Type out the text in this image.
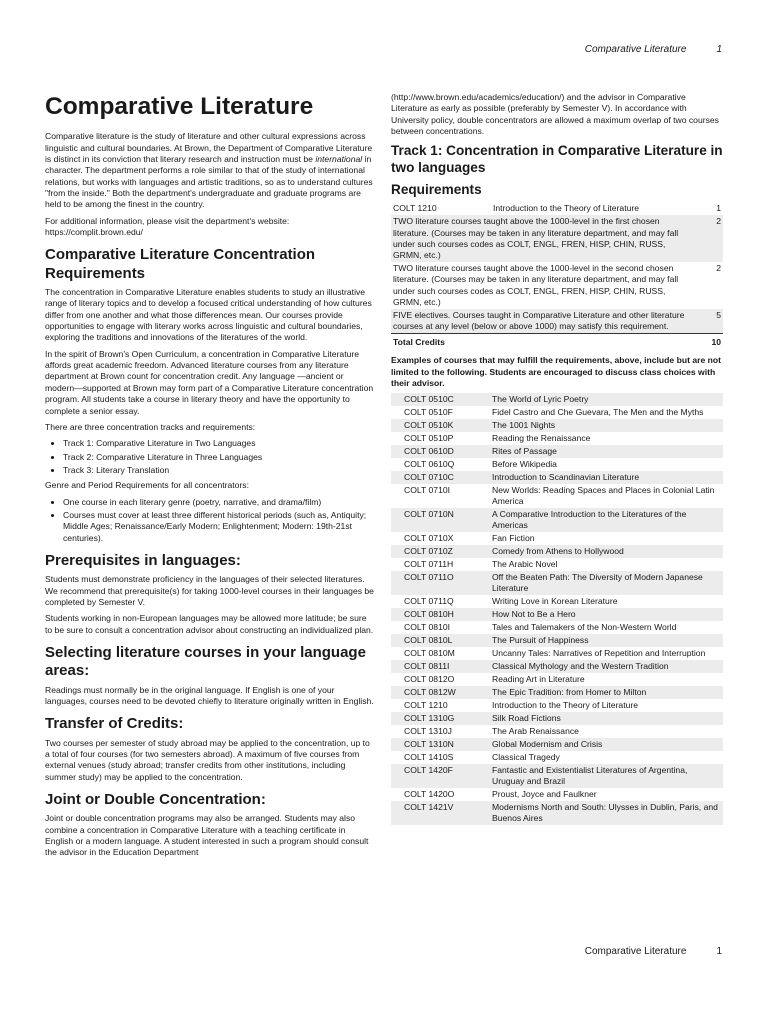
Comparative Literature	1
Comparative Literature

Comparative literature is the study of literature and other cultural expressions across linguistic and cultural boundaries. At Brown, the Department of Comparative Literature is distinct in its conviction that literary research and instruction must be international in character. The department performs a role similar to that of the study of international relations, but works with languages and artistic traditions, so as to understand cultures "from the inside." Both the department's undergraduate and graduate programs are held to be among the finest in the country.

For additional information, please visit the department's website: https://complit.brown.edu/

Comparative Literature Concentration Requirements

The concentration in Comparative Literature enables students to study an illustrative range of literary topics and to develop a focused critical understanding of how cultures differ from one another and what those differences mean. Our courses provide opportunities to engage with literary works across linguistic and cultural boundaries, exploring the traditions and innovations of the literatures of the world.

In the spirit of Brown's Open Curriculum, a concentration in Comparative Literature affords great academic freedom. Advanced literature courses from any literature department at Brown count for concentration credit. Any language —ancient or modern—supported at Brown may form part of a Comparative Literature concentration program. All students take a course in literary theory and have the opportunity to complete a senior essay.

There are three concentration tracks and requirements:

• Track 1: Comparative Literature in Two Languages
• Track 2: Comparative Literature in Three Languages
• Track 3: Literary Translation

Genre and Period Requirements for all concentrators:

• One course in each literary genre (poetry, narrative, and drama/film)
• Courses must cover at least three different historical periods (such as, Antiquity; Middle Ages; Renaissance/Early Modern; Enlightenment; Modern: 19th-21st centuries).
Prerequisites in languages:

Students must demonstrate proficiency in the languages of their selected literatures. We recommend that prerequisite(s) for taking 1000-level courses in their languages be completed by Semester V.

Students working in non-European languages may be allowed more latitude; be sure to be sure to consult a concentration advisor about constructing an individualized plan.

Selecting literature courses in your language areas:

Readings must normally be in the original language. If English is one of your languages, courses need to be devoted chiefly to literature originally written in English.

Transfer of Credits:

Two courses per semester of study abroad may be applied to the concentration, up to a total of four courses (for two semesters abroad). A maximum of five courses from external venues (study abroad; transfer credits from other institutions, including summer study) may be applied to the concentration.

Joint or Double Concentration:

Joint or double concentration programs may also be arranged. Students may also combine a concentration in Comparative Literature with a teaching certificate in English or a modern language. A student interested in such a program should consult the advisor in the Education Department

(http://www.brown.edu/academics/education/) and the advisor in Comparative Literature as early as possible (preferably by Semester V). In accordance with University policy, double concentrators are allowed a maximum overlap of two courses between concentrations.

Track 1: Concentration in Comparative Literature in two languages
Requirements
COLT 1210	Introduction to the Theory of Literature	1
TWO literature courses taught above the 1000-level in the first chosen literature. (Courses may be taken in any literature department, and may fall under such courses codes as COLT, ENGL, FREN, HISP, CHIN, RUSS, GRMN, etc.)		2
TWO literature courses taught above the 1000-level in the second chosen literature. (Courses may be taken in any literature department, and may fall under such courses codes as COLT, ENGL, FREN, HISP, CHIN, RUSS, GRMN, etc.)		2
FIVE electives. Courses taught in Comparative Literature and other literature courses at any level (below or above 1000) may satisfy this requirement.		5
Total Credits		10

Examples of courses that may fulfill the requirements, above, include but are not limited to the following. Students are encouraged to discuss class choices with their advisor.

COLT 0510C	The World of Lyric Poetry
COLT 0510F	Fidel Castro and Che Guevara, The Men and the Myths
COLT 0510K	The 1001 Nights
COLT 0510P	Reading the Renaissance
COLT 0610D	Rites of Passage
COLT 0610Q	Before Wikipedia
COLT 0710C	Introduction to Scandinavian Literature
COLT 0710I	New Worlds: Reading Spaces and Places in Colonial Latin America
COLT 0710N	A Comparative Introduction to the Literatures of the Americas
COLT 0710X	Fan Fiction
COLT 0710Z	Comedy from Athens to Hollywood
COLT 0711H	The Arabic Novel
COLT 0711O	Off the Beaten Path: The Diversity of Modern Japanese Literature
COLT 0711Q	Writing Love in Korean Literature
COLT 0810H	How Not to Be a Hero
COLT 0810I	Tales and Talemakers of the Non-Western World
COLT 0810L	The Pursuit of Happiness
COLT 0810M	Uncanny Tales: Narratives of Repetition and Interruption
COLT 0811I	Classical Mythology and the Western Tradition
COLT 0812O	Reading Art in Literature
COLT 0812W	The Epic Tradition: from Homer to Milton
COLT 1210	Introduction to the Theory of Literature
COLT 1310G	Silk Road Fictions
COLT 1310J	The Arab Renaissance
COLT 1310N	Global Modernism and Crisis
COLT 1410S	Classical Tragedy
COLT 1420F	Fantastic and Existentialist Literatures of Argentina, Uruguay and Brazil
COLT 1420O	Proust, Joyce and Faulkner
COLT 1421V	Modernisms North and South: Ulysses in Dublin, Paris, and Buenos Aires
Comparative Literature	1
